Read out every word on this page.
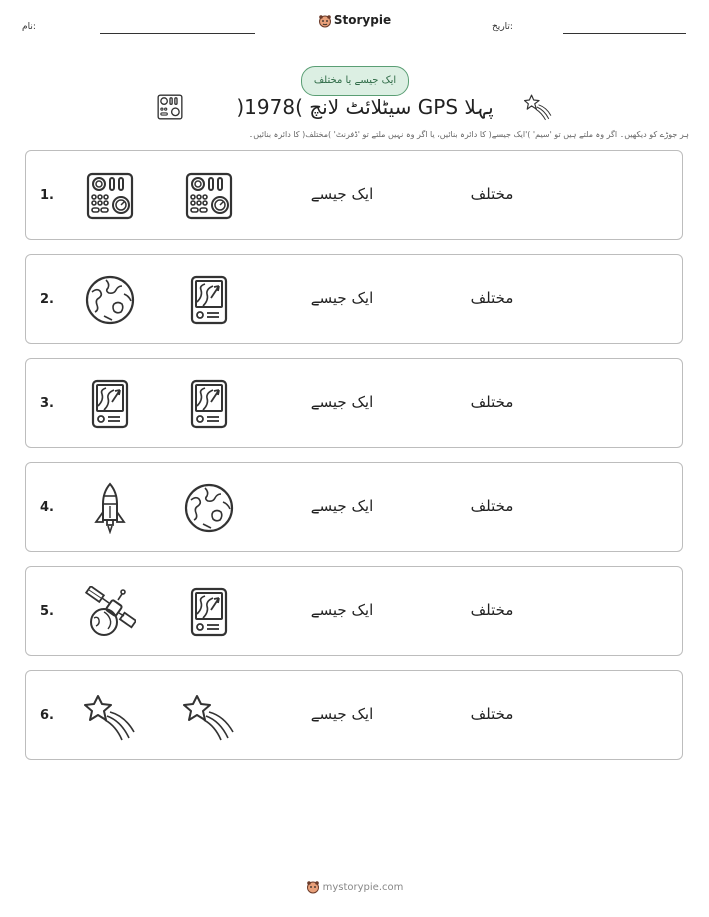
نام:	Storypie	تاریخ:
ایک جیسے یا مختلف
پہلا GPS سیٹلائٹ لانچ )1978(
ہر جوڑے کو دیکھیں۔ اگر وہ ملتے ہیں تو 'سیم' )'ایک جیسے( کا دائرہ بنائیں، یا اگر وہ نہیں ملتے تو 'ڈفرنٹ' )مختلف( کا دائرہ بنائیں۔
1.	ایک جیسے	مختلف
2.	ایک جیسے	مختلف
3.	ایک جیسے	مختلف
4.	ایک جیسے	مختلف
5.	ایک جیسے	مختلف
6.	ایک جیسے	مختلف
mystorypie.com
